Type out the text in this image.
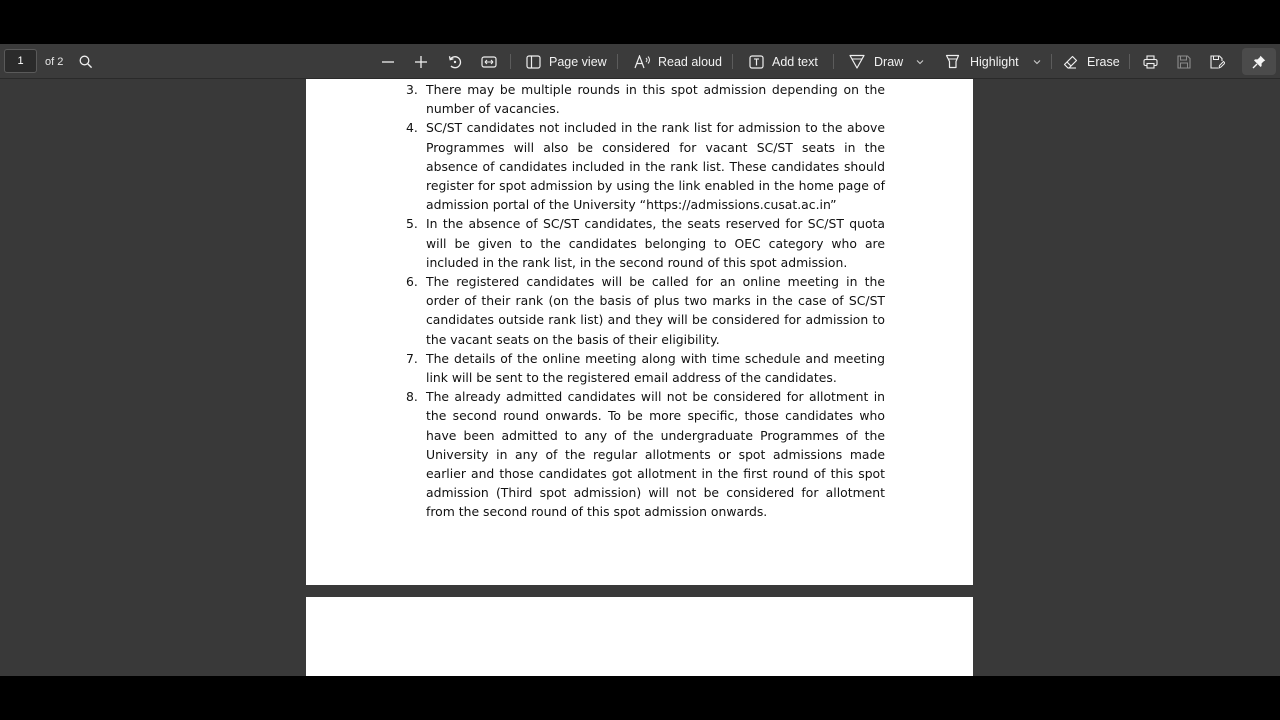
1	of 2	Page view	Read aloud	Add text	Draw	Highlight	Erase
3. There may be multiple rounds in this spot admission depending on the number of vacancies.
4. SC/ST candidates not included in the rank list for admission to the above Programmes will also be considered for vacant SC/ST seats in the absence of candidates included in the rank list. These candidates should register for spot admission by using the link enabled in the home page of admission portal of the University “https://admissions.cusat.ac.in”
5. In the absence of SC/ST candidates, the seats reserved for SC/ST quota will be given to the candidates belonging to OEC category who are included in the rank list, in the second round of this spot admission.
6. The registered candidates will be called for an online meeting in the order of their rank (on the basis of plus two marks in the case of SC/ST candidates outside rank list) and they will be considered for admission to the vacant seats on the basis of their eligibility.
7. The details of the online meeting along with time schedule and meeting link will be sent to the registered email address of the candidates.
8. The already admitted candidates will not be considered for allotment in the second round onwards. To be more specific, those candidates who have been admitted to any of the undergraduate Programmes of the University in any of the regular allotments or spot admissions made earlier and those candidates got allotment in the first round of this spot admission (Third spot admission) will not be considered for allotment from the second round of this spot admission onwards.
